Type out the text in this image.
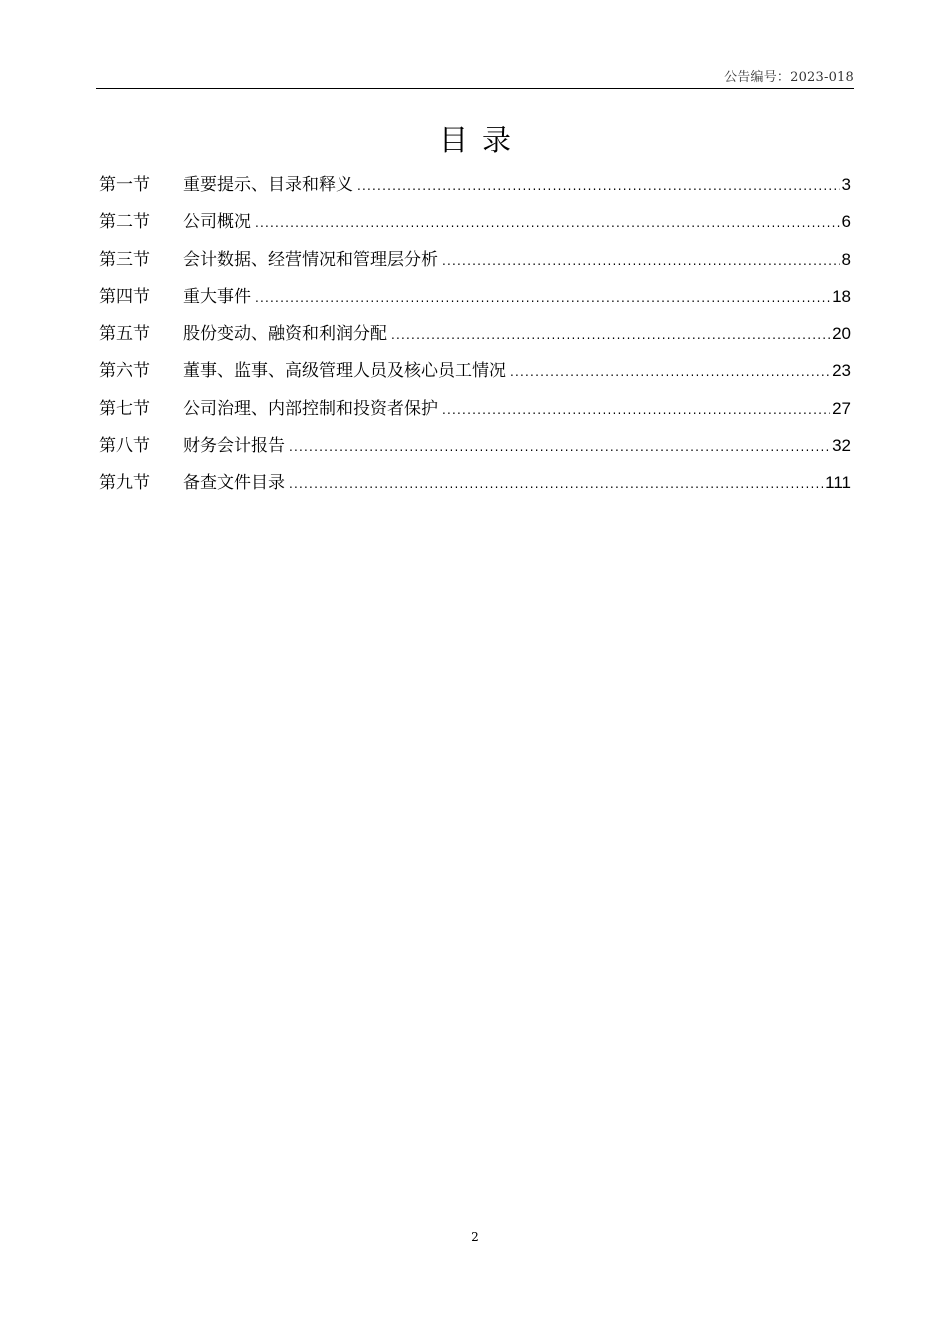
公告编号：2023-018
目录
第一节	重要提示、目录和释义 .....	3
第二节	公司概况 .....	6
第三节	会计数据、经营情况和管理层分析 .....	8
第四节	重大事件 .....	18
第五节	股份变动、融资和利润分配 .....	20
第六节	董事、监事、高级管理人员及核心员工情况 .....	23
第七节	公司治理、内部控制和投资者保护 .....	27
第八节	财务会计报告 .....	32
第九节	备查文件目录 .....	111
2
